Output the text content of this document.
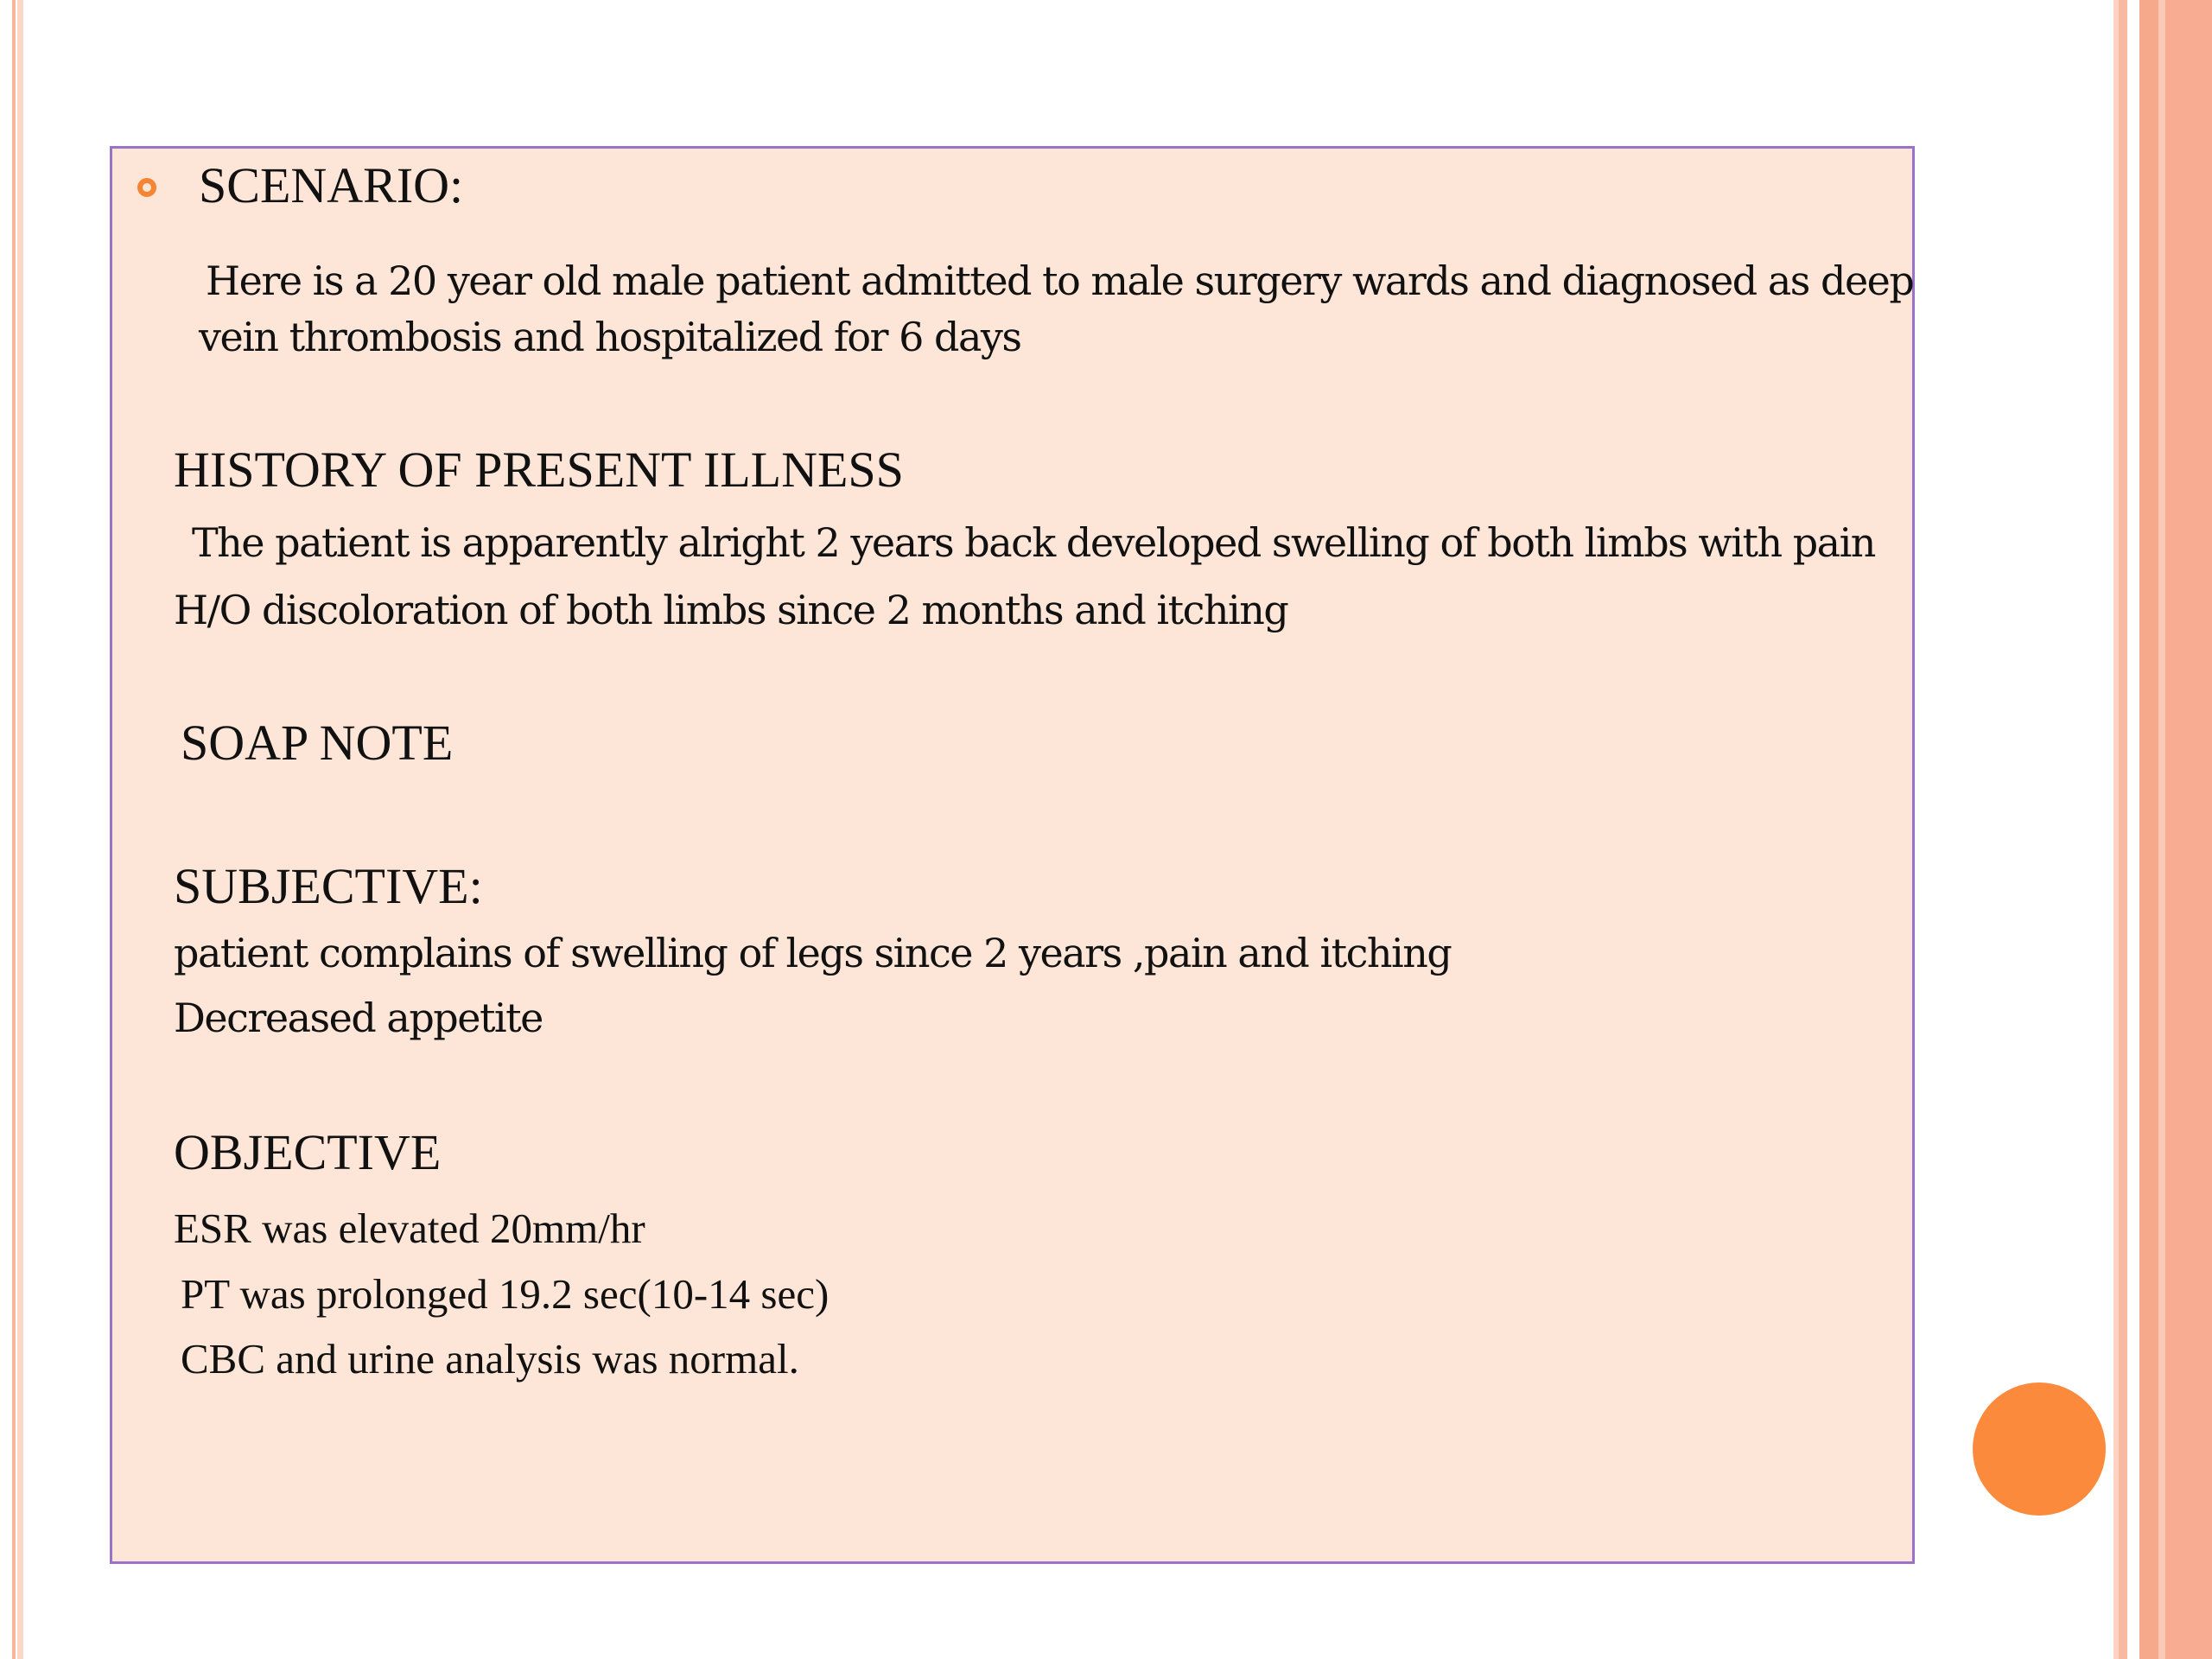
SCENARIO:

Here is a 20 year old male patient admitted to male surgery wards and diagnosed as deep

vein thrombosis and hospitalized for 6 days

HISTORY OF PRESENT ILLNESS

The patient is apparently alright 2 years back developed swelling of both limbs with pain

H/O discoloration of both limbs since 2 months and itching

SOAP NOTE

SUBJECTIVE:

patient complains of swelling of legs since 2 years ,pain and itching

Decreased appetite

OBJECTIVE

ESR was elevated 20mm/hr

PT was prolonged 19.2 sec(10-14 sec)

CBC and urine analysis was normal.
